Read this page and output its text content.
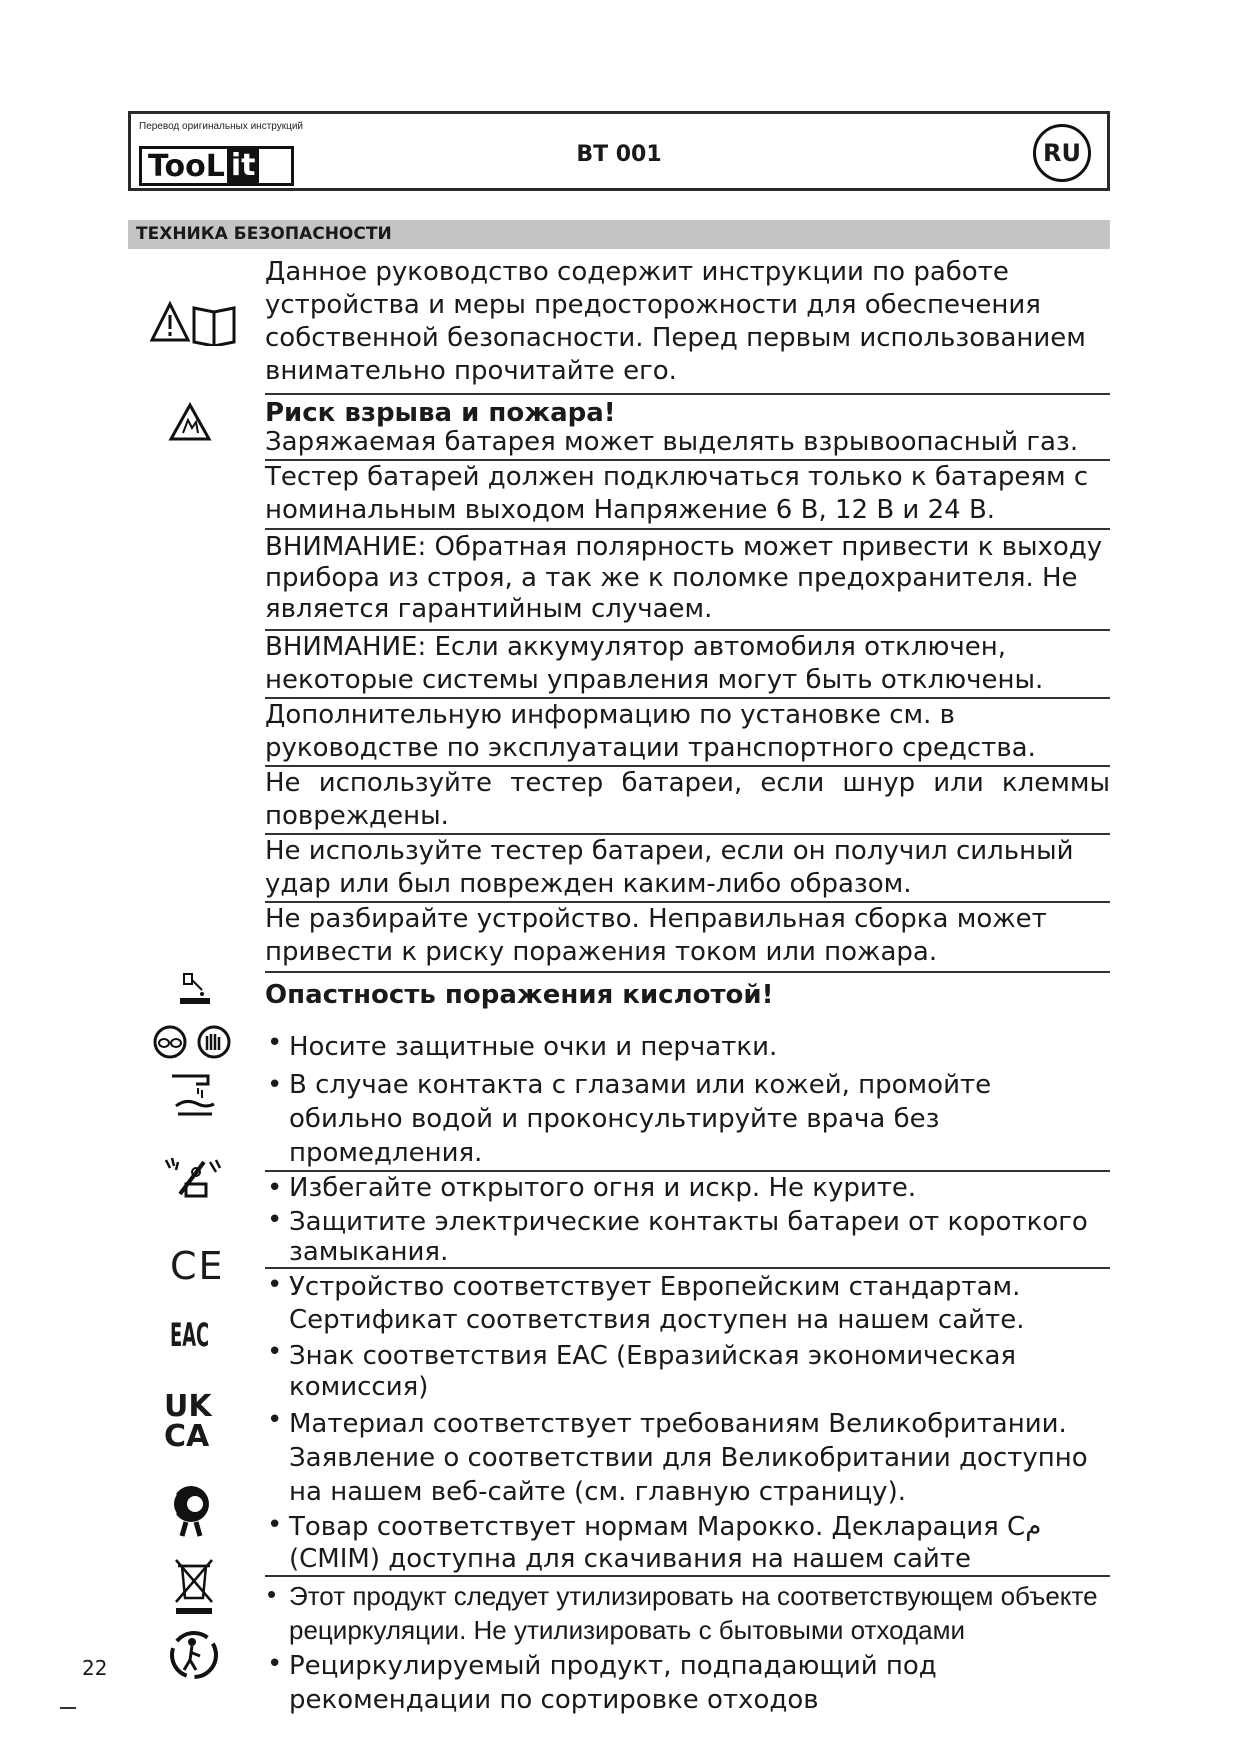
Перевод оригинальных инструкций
TooL it	BT 001	RU
ТЕХНИКА БЕЗОПАСНОСТИ
CE
EAC
UK
CA

Данное руководство содержит инструкции по работе устройства и меры предосторожности для обеспечения собственной безопасности. Перед первым использованием внимательно прочитайте его.

Риск взрыва и пожара!

Заряжаемая батарея может выделять взрывоопасный газ.

Тестер батарей должен подключаться только к батареям с номинальным выходом Напряжение 6 В, 12 В и 24 В.

ВНИМАНИЕ: Обратная полярность может привести к выходу прибора из строя, а так же к поломке предохранителя. Не является гарантийным случаем.

ВНИМАНИЕ: Если аккумулятор автомобиля отключен, некоторые системы управления могут быть отключены.

Дополнительную информацию по установке см. в руководстве по эксплуатации транспортного средства.

Не используйте тестер батареи, если шнур или клеммы повреждены.

Не используйте тестер батареи, если он получил сильный удар или был поврежден каким-либо образом.

Не разбирайте устройство. Неправильная сборка может привести к риску поражения током или пожара.

Опастность поражения кислотой!

• Носите защитные очки и перчатки.
• В случае контакта с глазами или кожей, промойте обильно водой и проконсультируйте врача без промедления.
• Избегайте открытого огня и искр. Не курите.
• Защитите электрические контакты батареи от короткого замыкания.
• Устройство соответствует Европейским стандартам. Сертификат соответствия доступен на нашем сайте.
• Знак соответствия EAC (Евразийская экономическая комиссия)
• Материал соответствует требованиям Великобритании. Заявление о соответствии для Великобритании доступно на нашем веб-сайте (см. главную страницу).
• Товар соответствует нормам Марокко. Декларация Cم (CMIM) доступна для скачивания на нашем сайте
• Этот продукт следует утилизировать на соответствующем объекте рециркуляции. Не утилизировать с бытовыми отходами
• Рециркулируемый продукт, подпадающий под рекомендации по сортировке отходов
22
